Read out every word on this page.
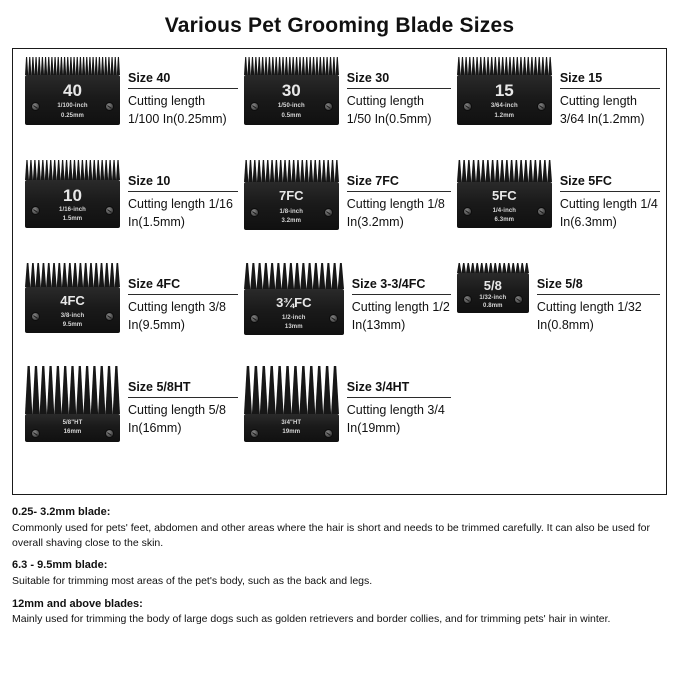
Various Pet Grooming Blade Sizes
40
1/100-inch
0.25mm
Size 40
Cutting length 1/100 In(0.25mm)
30
1/50-inch
0.5mm
Size 30
Cutting length 1/50 In(0.5mm)
15
3/64-inch
1.2mm
Size 15
Cutting length 3/64 In(1.2mm)
10
1/16-inch
1.5mm
Size 10
Cutting length 1/16 In(1.5mm)
7FC
1/8-inch
3.2mm
Size 7FC
Cutting length 1/8 In(3.2mm)
5FC
1/4-inch
6.3mm
Size 5FC
Cutting length 1/4 In(6.3mm)
4FC
3/8-inch
9.5mm
Size 4FC
Cutting length 3/8 In(9.5mm)
3¾FC
1/2-inch
13mm
Size 3-3/4FC
Cutting length 1/2 In(13mm)
5/8
1/32-inch
0.8mm
Size 5/8
Cutting length 1/32 In(0.8mm)
5/8"HT
16mm
Size 5/8HT
Cutting length 5/8 In(16mm)	3/4"HT
19mm
Size 3/4HT
Cutting length 3/4 In(19mm)
0.25- 3.2mm blade:
Commonly used for pets' feet, abdomen and other areas where the hair is short and needs to be trimmed carefully. It can also be used for overall shaving close to the skin.
6.3 - 9.5mm blade:
Suitable for trimming most areas of the pet's body, such as the back and legs.
12mm and above blades:
Mainly used for trimming the body of large dogs such as golden retrievers and border collies, and for trimming pets' hair in winter.
